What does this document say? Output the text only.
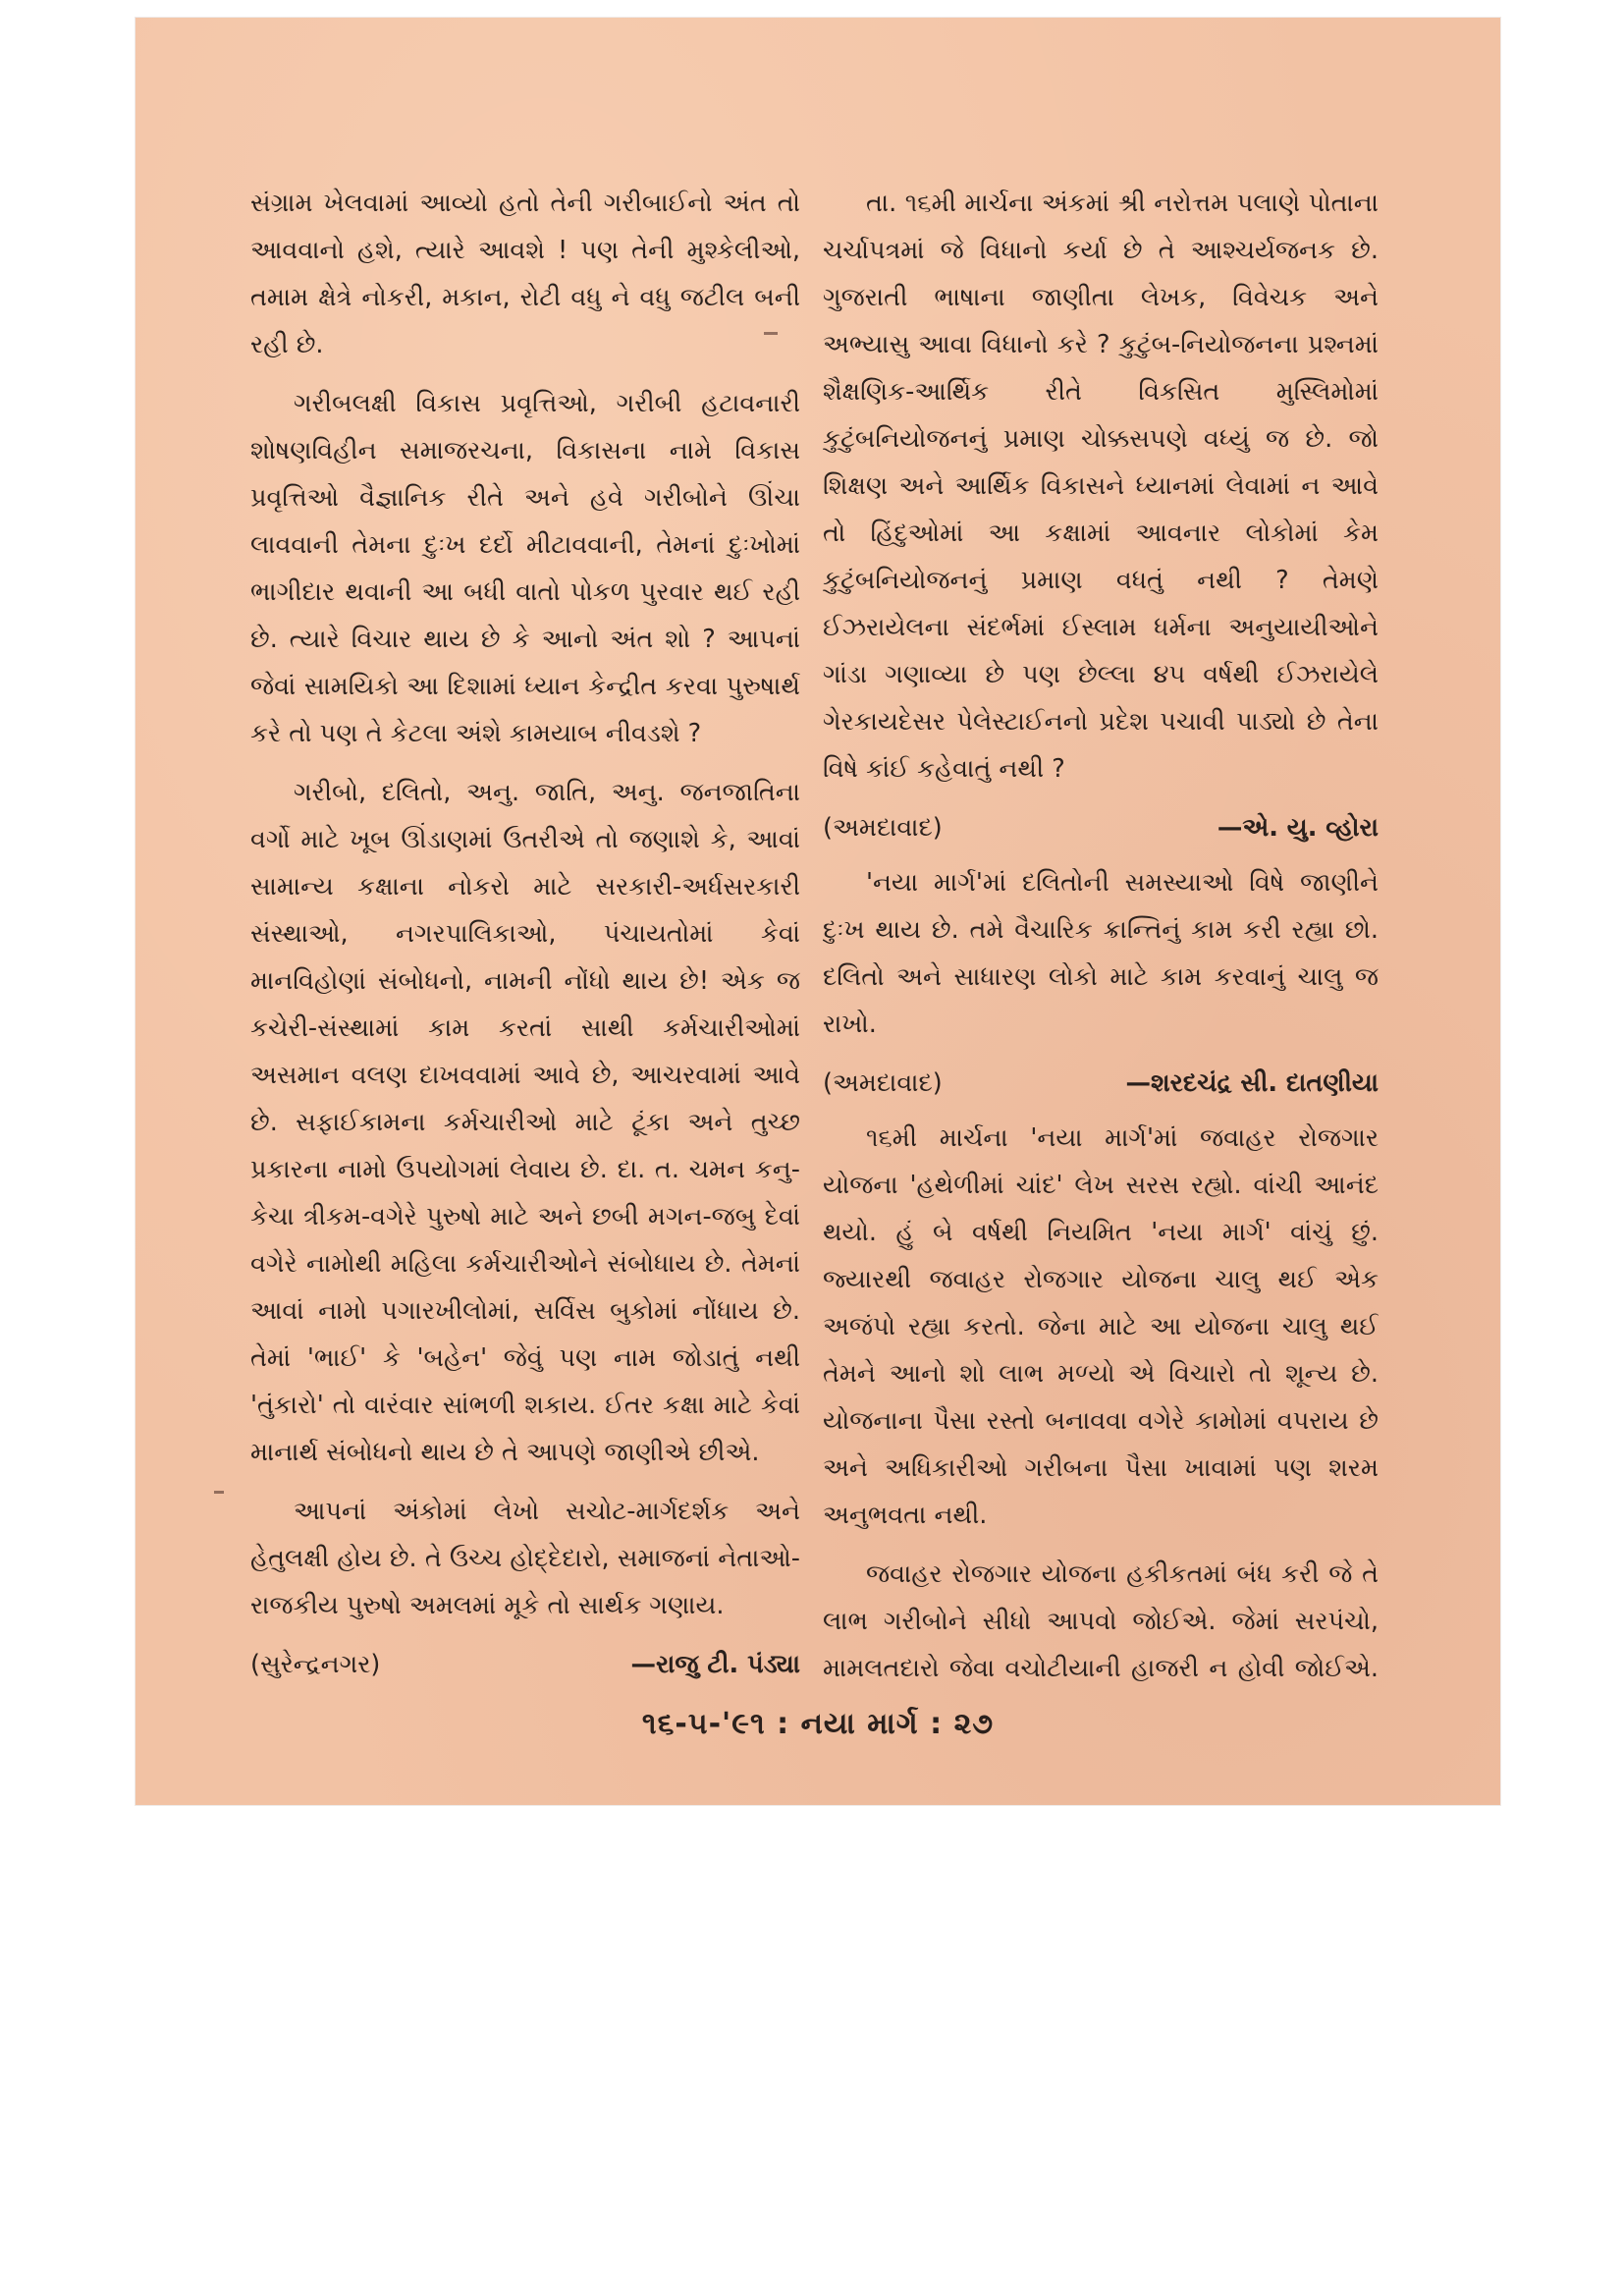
સંગ્રામ ખેલવામાં આવ્યો હતો તેની ગરીબાઈનો અંત તો આવવાનો હશે, ત્યારે આવશે ! પણ તેની મુશ્કેલીઓ, તમામ ક્ષેત્રે નોકરી, મકાન, રોટી વધુ ને વધુ જટીલ બની રહી છે.

ગરીબલક્ષી વિકાસ પ્રવૃત્તિઓ, ગરીબી હટાવનારી શોષણવિહીન સમાજરચના, વિકાસના નામે વિકાસ પ્રવૃત્તિઓ વૈજ્ઞાનિક રીતે અને હવે ગરીબોને ઊંચા લાવવાની તેમના દુઃખ દર્દો મીટાવવાની, તેમનાં દુઃખોમાં ભાગીદાર થવાની આ બધી વાતો પોકળ પુરવાર થઈ રહી છે. ત્યારે વિચાર થાય છે કે આનો અંત શો ? આપનાં જેવાં સામયિકો આ દિશામાં ધ્યાન કેન્દ્રીત કરવા પુરુષાર્થ કરે તો પણ તે કેટલા અંશે કામયાબ નીવડશે ?

ગરીબો, દલિતો, અનુ. જાતિ, અનુ. જનજાતિના વર્ગો માટે ખૂબ ઊંડાણમાં ઉતરીએ તો જણાશે કે, આવાં સામાન્ય કક્ષાના નોકરો માટે સરકારી-અર્ધસરકારી સંસ્થાઓ, નગરપાલિકાઓ, પંચાયતોમાં કેવાં માનવિહોણાં સંબોધનો, નામની નોંધો થાય છે! એક જ કચેરી-સંસ્થામાં કામ કરતાં સાથી કર્મચારીઓમાં અસમાન વલણ દાખવવામાં આવે છે, આચરવામાં આવે છે. સફાઈકામના કર્મચારીઓ માટે ટૂંકા અને તુચ્છ પ્રકારના નામો ઉપયોગમાં લેવાય છે. દા. ત. ચમન કનુ-કેચા ત્રીકમ-વગેરે પુરુષો માટે અને છબી મગન-જબુ દેવાં વગેરે નામોથી મહિલા કર્મચારીઓને સંબોધાય છે. તેમનાં આવાં નામો પગારખીલોમાં, સર્વિસ બુકોમાં નોંધાય છે. તેમાં 'ભાઈ' કે 'બહેન' જેવું પણ નામ જોડાતું નથી 'તુંકારો' તો વારંવાર સાંભળી શકાય. ઈતર કક્ષા માટે કેવાં માનાર્થ સંબોધનો થાય છે તે આપણે જાણીએ છીએ.

આપનાં અંકોમાં લેખો સચોટ-માર્ગદર્શક અને હેતુલક્ષી હોય છે. તે ઉચ્ચ હોદ્દેદારો, સમાજનાં નેતાઓ-રાજકીય પુરુષો અમલમાં મૂકે તો સાર્થક ગણાય.

(સુરેન્દ્રનગર)	—રાજુ ટી. પંડ્યા

તા. ૧૬મી માર્ચના અંકમાં શ્રી નરોત્તમ પલાણે પોતાના ચર્ચાપત્રમાં જે વિધાનો કર્યા છે તે આશ્ચર્યજનક છે. ગુજરાતી ભાષાના જાણીતા લેખક, વિવેચક અને અભ્યાસુ આવા વિધાનો કરે ? કુટુંબ-નિયોજનના પ્રશ્નમાં શૈક્ષણિક-આર્થિક રીતે વિકસિત મુસ્લિમોમાં કુટુંબનિયોજનનું પ્રમાણ ચોક્કસપણે વધ્યું જ છે. જો શિક્ષણ અને આર્થિક વિકાસને ધ્યાનમાં લેવામાં ન આવે તો હિંદુઓમાં આ કક્ષામાં આવનાર લોકોમાં કેમ કુટુંબનિયોજનનું પ્રમાણ વધતું નથી ? તેમણે ઈઝરાયેલના સંદર્ભમાં ઈસ્લામ ધર્મના અનુયાયીઓને ગાંડા ગણાવ્યા છે પણ છેલ્લા ૪૫ વર્ષથી ઈઝરાયેલે ગેરકાયદેસર પેલેસ્ટાઈનનો પ્રદેશ પચાવી પાડ્યો છે તેના વિષે કાંઈ કહેવાતું નથી ?

(અમદાવાદ)	—એ. યુ. વ્હોરા

'નયા માર્ગ'માં દલિતોની સમસ્યાઓ વિષે જાણીને દુઃખ થાય છે. તમે વૈચારિક ક્રાન્તિનું કામ કરી રહ્યા છો. દલિતો અને સાધારણ લોકો માટે કામ કરવાનું ચાલુ જ રાખો.

(અમદાવાદ)	—શરદચંદ્ર સી. દાતણીયા

૧૬મી માર્ચના 'નયા માર્ગ'માં જવાહર રોજગાર યોજના 'હથેળીમાં ચાંદ' લેખ સરસ રહ્યો. વાંચી આનંદ થયો. હું બે વર્ષથી નિયમિત 'નયા માર્ગ' વાંચું છું. જ્યારથી જવાહર રોજગાર યોજના ચાલુ થઈ એક અજંપો રહ્યા કરતો. જેના માટે આ યોજના ચાલુ થઈ તેમને આનો શો લાભ મળ્યો એ વિચારો તો શૂન્ય છે. યોજનાના પૈસા રસ્તો બનાવવા વગેરે કામોમાં વપરાય છે અને અધિકારીઓ ગરીબના પૈસા ખાવામાં પણ શરમ અનુભવતા નથી.

જવાહર રોજગાર યોજના હકીકતમાં બંધ કરી જે તે લાભ ગરીબોને સીધો આપવો જોઈએ. જેમાં સરપંચો, મામલતદારો જેવા વચોટીયાની હાજરી ન હોવી જોઈએ.

૧૬-૫-'૯૧ : નયા માર્ગ : ૨૭
